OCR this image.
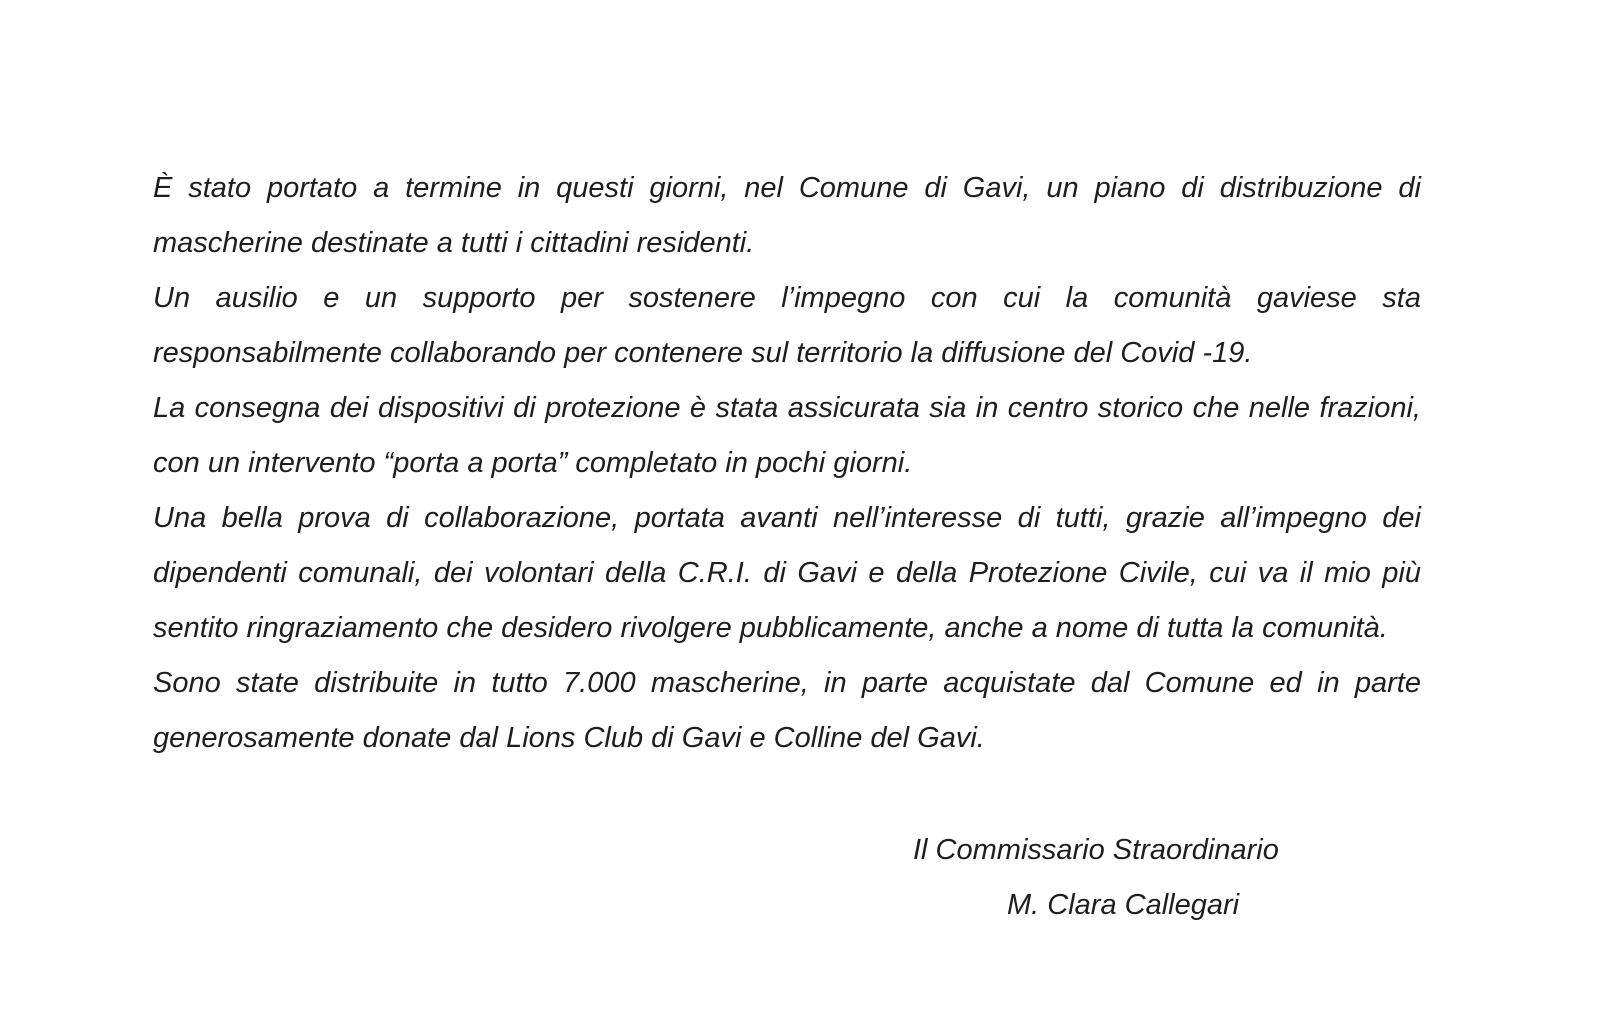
È stato portato a termine in questi giorni, nel Comune di Gavi, un piano di distribuzione di mascherine destinate a tutti i cittadini residenti.

Un ausilio e un supporto per sostenere l’impegno con cui la comunità gaviese sta responsabilmente collaborando per contenere sul territorio la diffusione del Covid -19.

La consegna dei dispositivi di protezione è stata assicurata sia in centro storico che nelle frazioni, con un intervento “porta a porta” completato in pochi giorni.

Una bella prova di collaborazione, portata avanti nell’interesse di tutti, grazie all’impegno dei dipendenti comunali, dei volontari della C.R.I. di Gavi e della Protezione Civile, cui va il mio più sentito ringraziamento che desidero rivolgere pubblicamente, anche a nome di tutta la comunità.

Sono state distribuite in tutto 7.000 mascherine, in parte acquistate dal Comune ed in parte generosamente donate dal Lions Club di Gavi e Colline del Gavi.

Il Commissario Straordinario
M. Clara Callegari
